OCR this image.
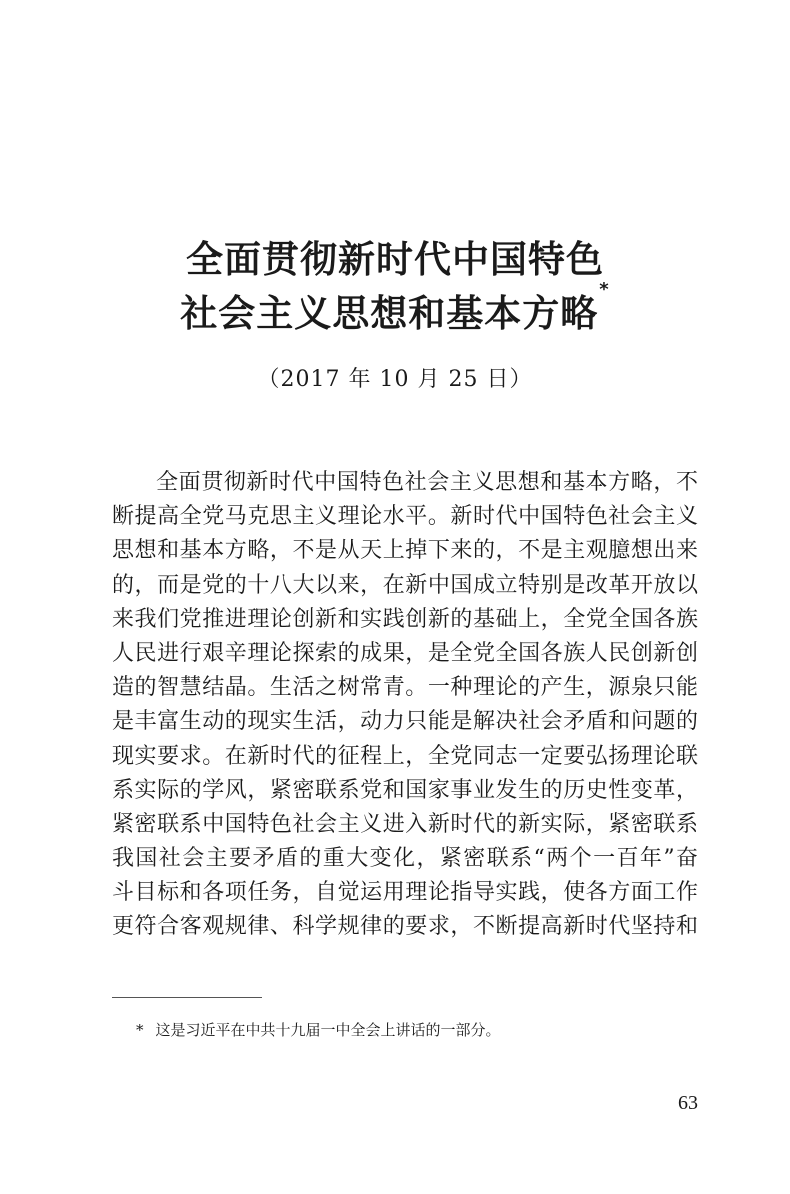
全面贯彻新时代中国特色
社会主义思想和基本方略*
（2017 年 10 月 25 日）
全面贯彻新时代中国特色社会主义思想和基本方略，不
断提高全党马克思主义理论水平。新时代中国特色社会主义
思想和基本方略，不是从天上掉下来的，不是主观臆想出来
的，而是党的十八大以来，在新中国成立特别是改革开放以
来我们党推进理论创新和实践创新的基础上，全党全国各族
人民进行艰辛理论探索的成果，是全党全国各族人民创新创
造的智慧结晶。生活之树常青。一种理论的产生，源泉只能
是丰富生动的现实生活，动力只能是解决社会矛盾和问题的
现实要求。在新时代的征程上，全党同志一定要弘扬理论联
系实际的学风，紧密联系党和国家事业发生的历史性变革，
紧密联系中国特色社会主义进入新时代的新实际，紧密联系
我国社会主要矛盾的重大变化，紧密联系“两个一百年”奋
斗目标和各项任务，自觉运用理论指导实践，使各方面工作
更符合客观规律、科学规律的要求，不断提高新时代坚持和
* 这是习近平在中共十九届一中全会上讲话的一部分。
63
